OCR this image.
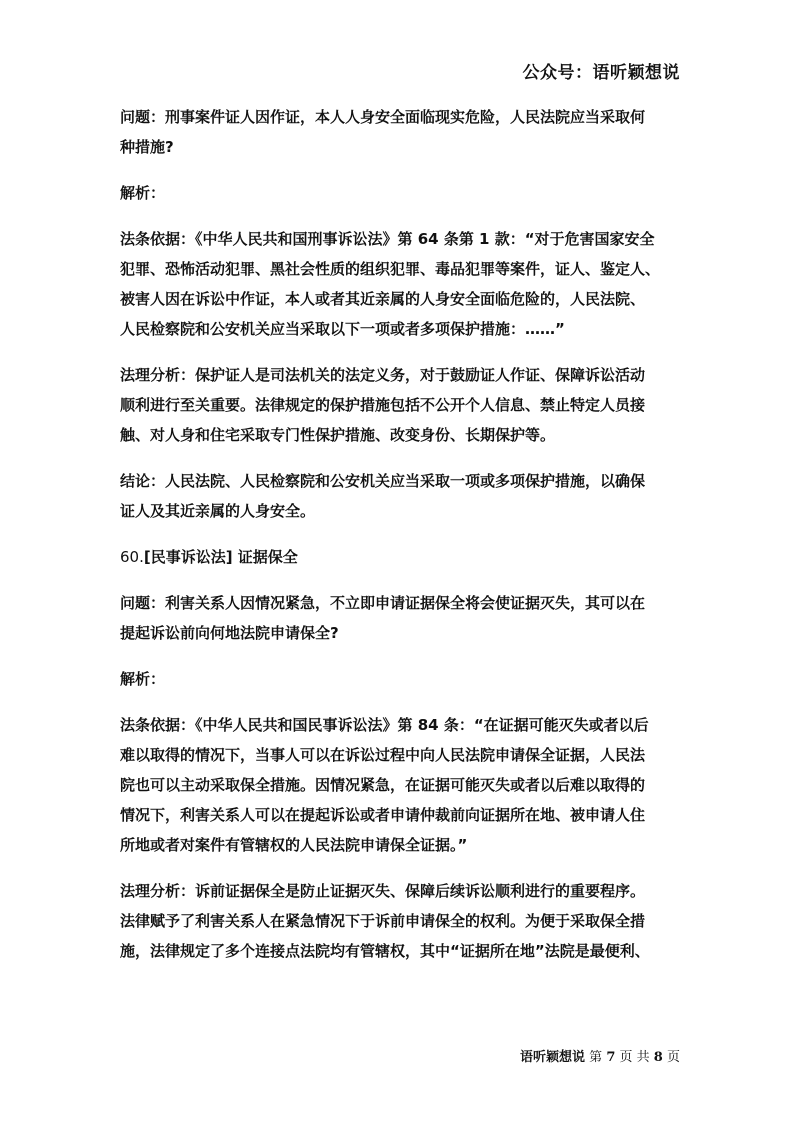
公众号：语听颖想说
问题：刑事案件证人因作证，本人人身安全面临现实危险，人民法院应当采取何
种措施?
解析：
法条依据：《中华人民共和国刑事诉讼法》第 64 条第 1 款：“对于危害国家安全
犯罪、恐怖活动犯罪、黑社会性质的组织犯罪、毒品犯罪等案件，证人、鉴定人、
被害人因在诉讼中作证，本人或者其近亲属的人身安全面临危险的，人民法院、
人民检察院和公安机关应当采取以下一项或者多项保护措施：……”
法理分析：保护证人是司法机关的法定义务，对于鼓励证人作证、保障诉讼活动
顺利进行至关重要。法律规定的保护措施包括不公开个人信息、禁止特定人员接
触、对人身和住宅采取专门性保护措施、改变身份、长期保护等。
结论：人民法院、人民检察院和公安机关应当采取一项或多项保护措施，以确保
证人及其近亲属的人身安全。
60.[民事诉讼法] 证据保全
问题：利害关系人因情况紧急，不立即申请证据保全将会使证据灭失，其可以在
提起诉讼前向何地法院申请保全?
解析：
法条依据：《中华人民共和国民事诉讼法》第 84 条：“在证据可能灭失或者以后
难以取得的情况下，当事人可以在诉讼过程中向人民法院申请保全证据，人民法
院也可以主动采取保全措施。因情况紧急，在证据可能灭失或者以后难以取得的
情况下，利害关系人可以在提起诉讼或者申请仲裁前向证据所在地、被申请人住
所地或者对案件有管辖权的人民法院申请保全证据。”
法理分析：诉前证据保全是防止证据灭失、保障后续诉讼顺利进行的重要程序。
法律赋予了利害关系人在紧急情况下于诉前申请保全的权利。为便于采取保全措
施，法律规定了多个连接点法院均有管辖权，其中“证据所在地”法院是最便利、
语听颖想说 第 7 页 共 8 页
